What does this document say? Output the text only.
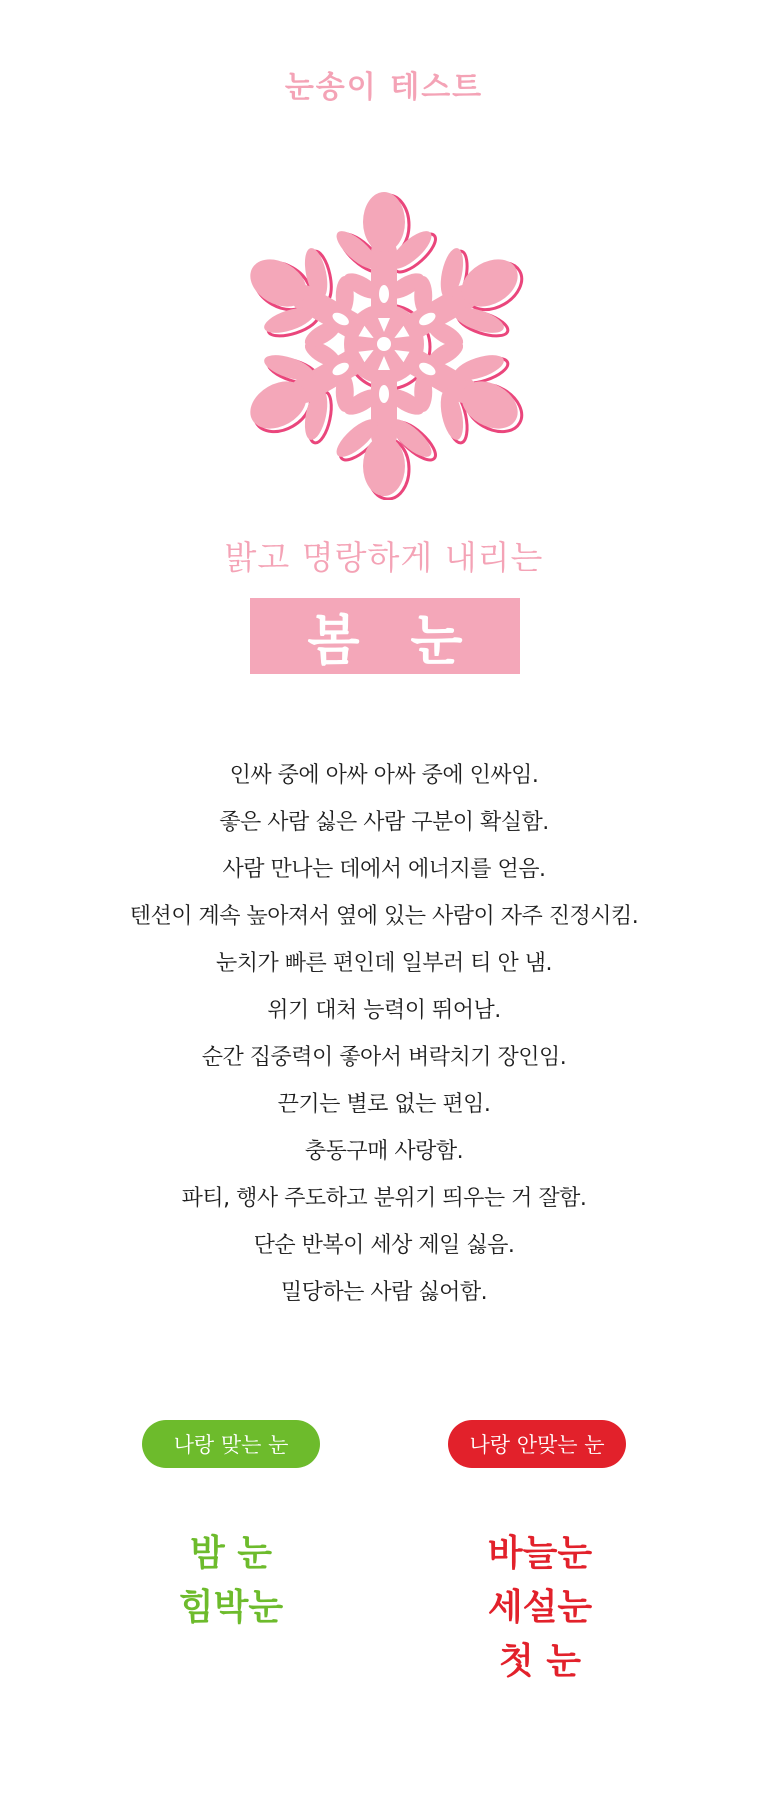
눈송이 테스트
밝고 명랑하게 내리는
봄 눈
인싸 중에 아싸 아싸 중에 인싸임.
좋은 사람 싫은 사람 구분이 확실함.
사람 만나는 데에서 에너지를 얻음.
텐션이 계속 높아져서 옆에 있는 사람이 자주 진정시킴.
눈치가 빠른 편인데 일부러 티 안 냄.
위기 대처 능력이 뛰어남.
순간 집중력이 좋아서 벼락치기 장인임.
끈기는 별로 없는 편임.
충동구매 사랑함.
파티, 행사 주도하고 분위기 띄우는 거 잘함.
단순 반복이 세상 제일 싫음.
밀당하는 사람 싫어함.
나랑 맞는 눈	나랑 안맞는 눈
밤 눈
힘박눈
바늘눈
세설눈
첫 눈
